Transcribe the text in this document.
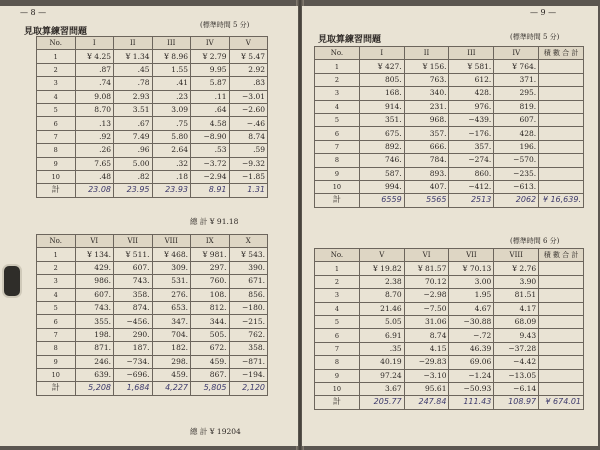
— 8 —
見取算練習問題
(標準時間 5 分)
No.	I	II	III	IV	V
1	¥ 4.25	¥ 1.34	¥ 8.96	¥ 2.79	¥ 5.47
2	.87	.45	1.55	9.95	2.92
3	.74	.78	.41	5.87	.83
4	9.08	2.93	.23	.11	−3.01
5	8.70	3.51	3.09	.64	−2.60
6	.13	.67	.75	4.58	−.46
7	.92	7.49	5.80	−8.90	8.74
8	.26	.96	2.64	.53	.59
9	7.65	5.00	.32	−3.72	−9.32
10	.48	.82	.18	−2.94	−1.85
計	23.08	23.95	23.93	8.91	1.31
總 計 ¥ 91.18
No.	VI	VII	VIII	IX	X
1	¥ 134.	¥ 511.	¥ 468.	¥ 981.	¥ 543.
2	429.	607.	309.	297.	390.
3	986.	743.	531.	760.	671.
4	607.	358.	276.	108.	856.
5	743.	874.	653.	812.	−180.
6	355.	−456.	347.	344.	−215.
7	198.	290.	704.	505.	762.
8	871.	187.	182.	672.	358.
9	246.	−734.	298.	459.	−871.
10	639.	−696.	459.	867.	−194.
計	5,208	1,684	4,227	5,805	2,120
總 計 ¥ 19204
— 9 —
見取算練習問題	(標準時間 5 分)
No.	I	II	III	IV	積 數 合 計
1	¥ 427.	¥ 156.	¥ 581.	¥ 764.	
2	805.	763.	612.	371.	
3	168.	340.	428.	295.	
4	914.	231.	976.	819.	
5	351.	968.	−439.	607.	
6	675.	357.	−176.	428.	
7	892.	666.	357.	196.	
8	746.	784.	−274.	−570.	
9	587.	893.	860.	−235.	
10	994.	407.	−412.	−613.	
計	6559	5565	2513	2062	¥ 16,639.
(標準時間 6 分)
No.	V	VI	VII	VIII	積 數 合 計
1	¥ 19.82	¥ 81.57	¥ 70.13	¥ 2.76	
2	2.38	70.12	3.00	3.90	
3	8.70	−2.98	1.95	81.51	
4	21.46	−7.50	4.67	4.17	
5	5.05	31.06	−30.88	68.09	
6	6.91	8.74	−.72	9.43	
7	.35	4.15	46.39	−37.28	
8	40.19	−29.83	69.06	−4.42	
9	97.24	−3.10	−1.24	−13.05	
10	3.67	95.61	−50.93	−6.14	
計	205.77	247.84	111.43	108.97	¥ 674.01
